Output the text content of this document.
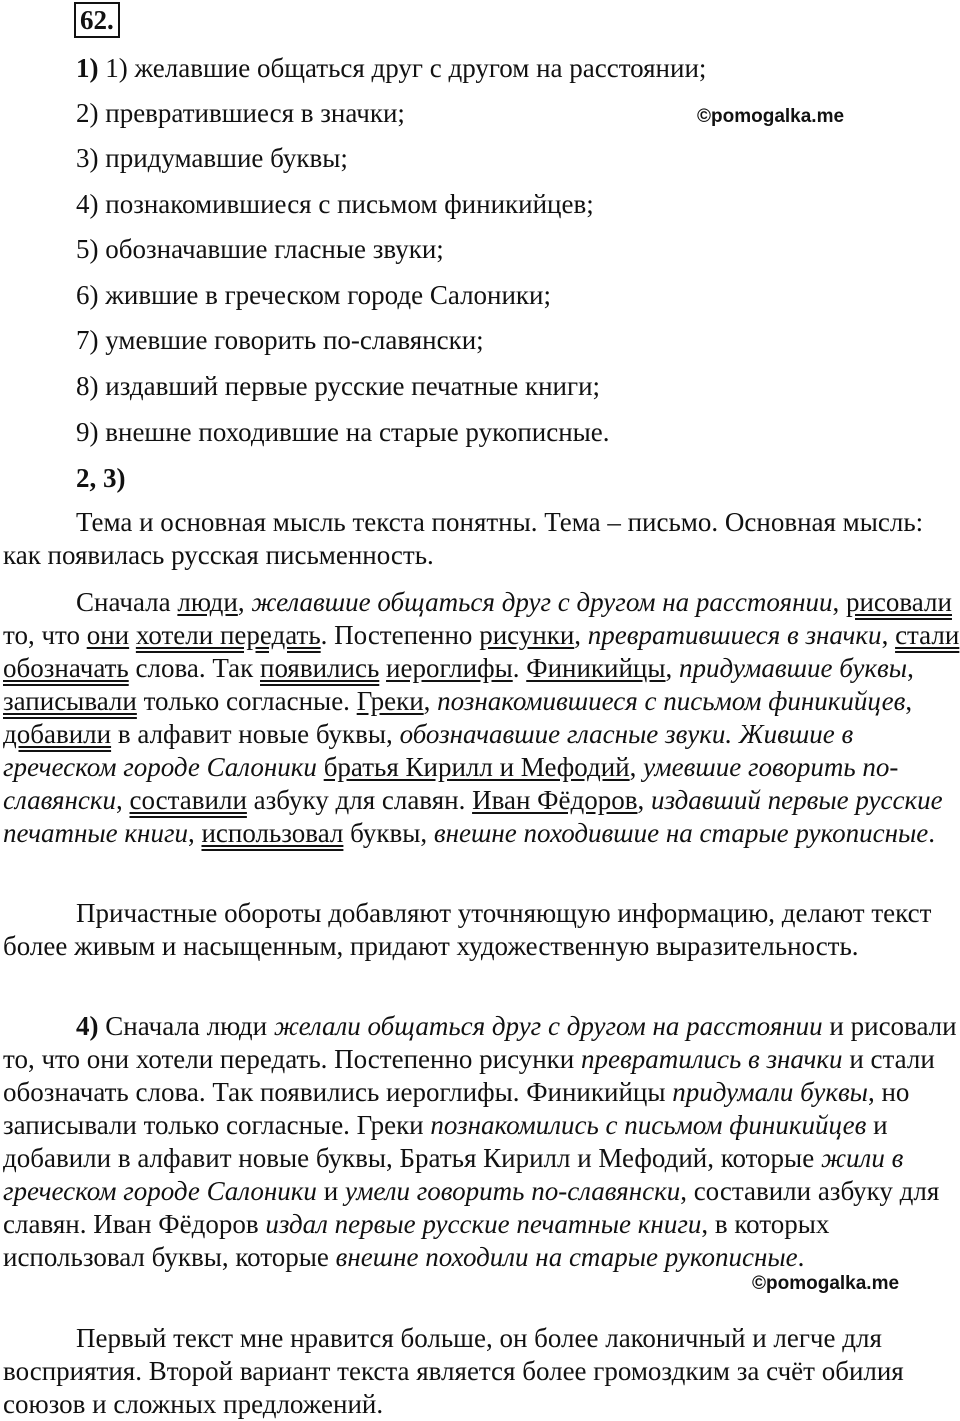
62.
©pomogalka.me
©pomogalka.me
1) 1) желавшие общаться друг с другом на расстоянии;
2) превратившиеся в значки;
3) придумавшие буквы;
4) познакомившиеся с письмом финикийцев;
5) обозначавшие гласные звуки;
6) жившие в греческом городе Салоники;
7) умевшие говорить по-славянски;
8) издавший первые русские печатные книги;
9) внешне походившие на старые рукописные.
2, 3)

Тема и основная мысль текста понятны. Тема – письмо. Основная мысль: как появилась русская письменность.

Сначала люди, желавшие общаться друг с другом на расстоянии, рисовали то, что они хотели передать. Постепенно рисунки, превратившиеся в значки, стали обозначать слова. Так появились иероглифы. Финикийцы, придумавшие буквы, записывали только согласные. Греки, познакомившиеся с письмом финикийцев, добавили в алфавит новые буквы, обозначавшие гласные звуки. Жившие в греческом городе Салоники братья Кирилл и Мефодий, умевшие говорить по-славянски, составили азбуку для славян. Иван Фёдоров, издавший первые русские печатные книги, использовал буквы, внешне походившие на старые рукописные.

Причастные обороты добавляют уточняющую информацию, делают текст более живым и насыщенным, придают художественную выразительность.

4) Сначала люди желали общаться друг с другом на расстоянии и рисовали то, что они хотели передать. Постепенно рисунки превратились в значки и стали обозначать слова. Так появились иероглифы. Финикийцы придумали буквы, но записывали только согласные. Греки познакомились с письмом финикийцев и добавили в алфавит новые буквы, Братья Кирилл и Мефодий, которые жили в греческом городе Салоники и умели говорить по-славянски, составили азбуку для славян. Иван Фёдоров издал первые русские печатные книги, в которых использовал буквы, которые внешне походили на старые рукописные.

Первый текст мне нравится больше, он более лаконичный и легче для восприятия. Второй вариант текста является более громоздким за счёт обилия союзов и сложных предложений.
